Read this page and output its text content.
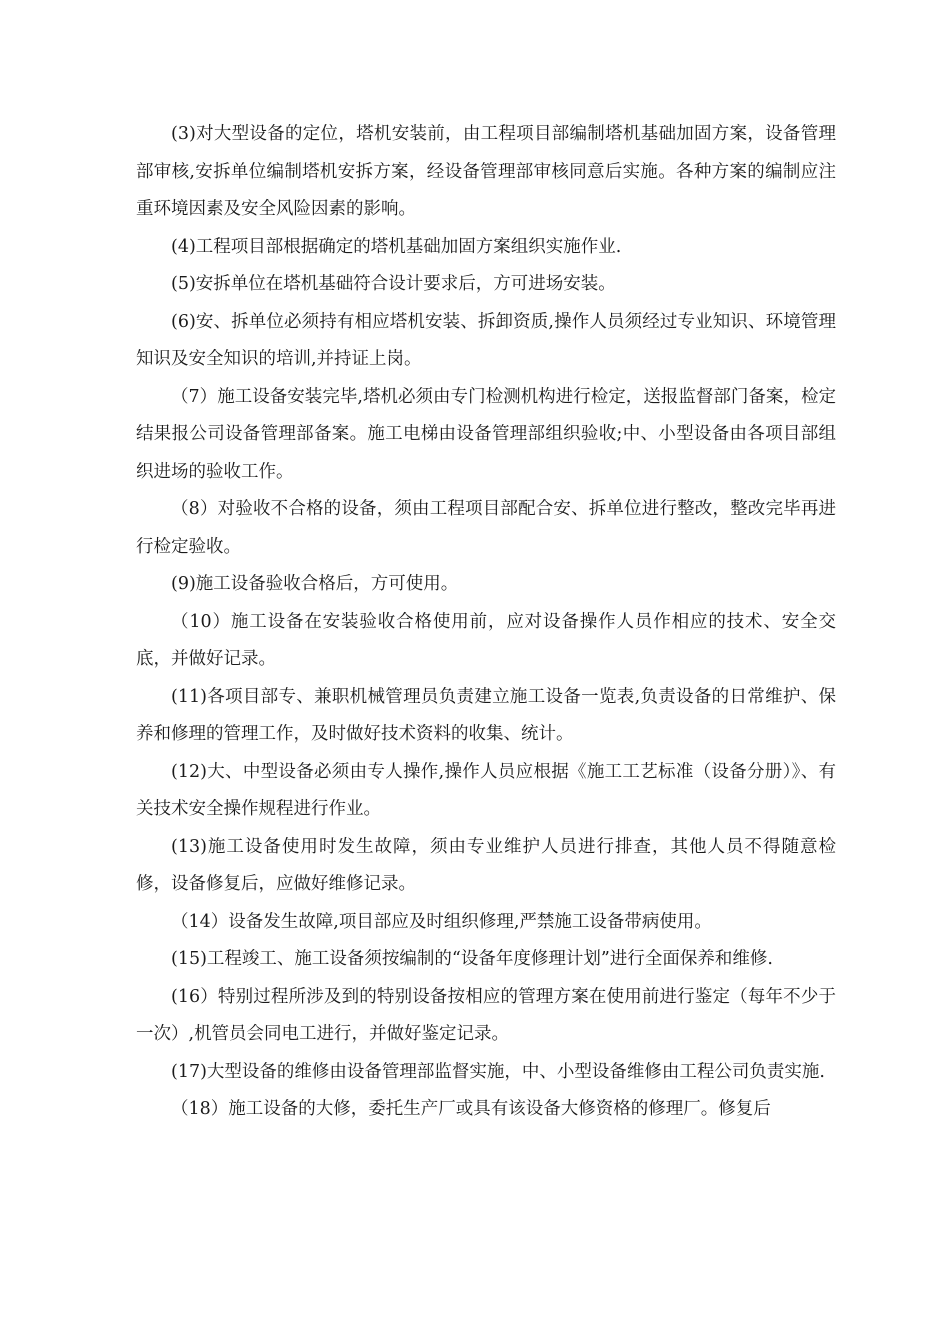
(3)对大型设备的定位，塔机安装前，由工程项目部编制塔机基础加固方案，设备管理部审核,安拆单位编制塔机安拆方案，经设备管理部审核同意后实施。各种方案的编制应注重环境因素及安全风险因素的影响。

(4)工程项目部根据确定的塔机基础加固方案组织实施作业.

(5)安拆单位在塔机基础符合设计要求后，方可进场安装。

(6)安、拆单位必须持有相应塔机安装、拆卸资质,操作人员须经过专业知识、环境管理知识及安全知识的培训,并持证上岗。

（7）施工设备安装完毕,塔机必须由专门检测机构进行检定，送报监督部门备案，检定结果报公司设备管理部备案。施工电梯由设备管理部组织验收;中、小型设备由各项目部组织进场的验收工作。

（8）对验收不合格的设备，须由工程项目部配合安、拆单位进行整改，整改完毕再进行检定验收。

(9)施工设备验收合格后，方可使用。

（10）施工设备在安装验收合格使用前，应对设备操作人员作相应的技术、安全交底，并做好记录。

(11)各项目部专、兼职机械管理员负责建立施工设备一览表,负责设备的日常维护、保养和修理的管理工作，及时做好技术资料的收集、统计。

(12)大、中型设备必须由专人操作,操作人员应根据《施工工艺标准（设备分册）》、有关技术安全操作规程进行作业。

(13)施工设备使用时发生故障，须由专业维护人员进行排查，其他人员不得随意检修，设备修复后，应做好维修记录。

（14）设备发生故障,项目部应及时组织修理,严禁施工设备带病使用。

(15)工程竣工、施工设备须按编制的“设备年度修理计划”进行全面保养和维修.

(16）特别过程所涉及到的特别设备按相应的管理方案在使用前进行鉴定（每年不少于一次）,机管员会同电工进行，并做好鉴定记录。

(17)大型设备的维修由设备管理部监督实施，中、小型设备维修由工程公司负责实施.

（18）施工设备的大修，委托生产厂或具有该设备大修资格的修理厂。修复后
